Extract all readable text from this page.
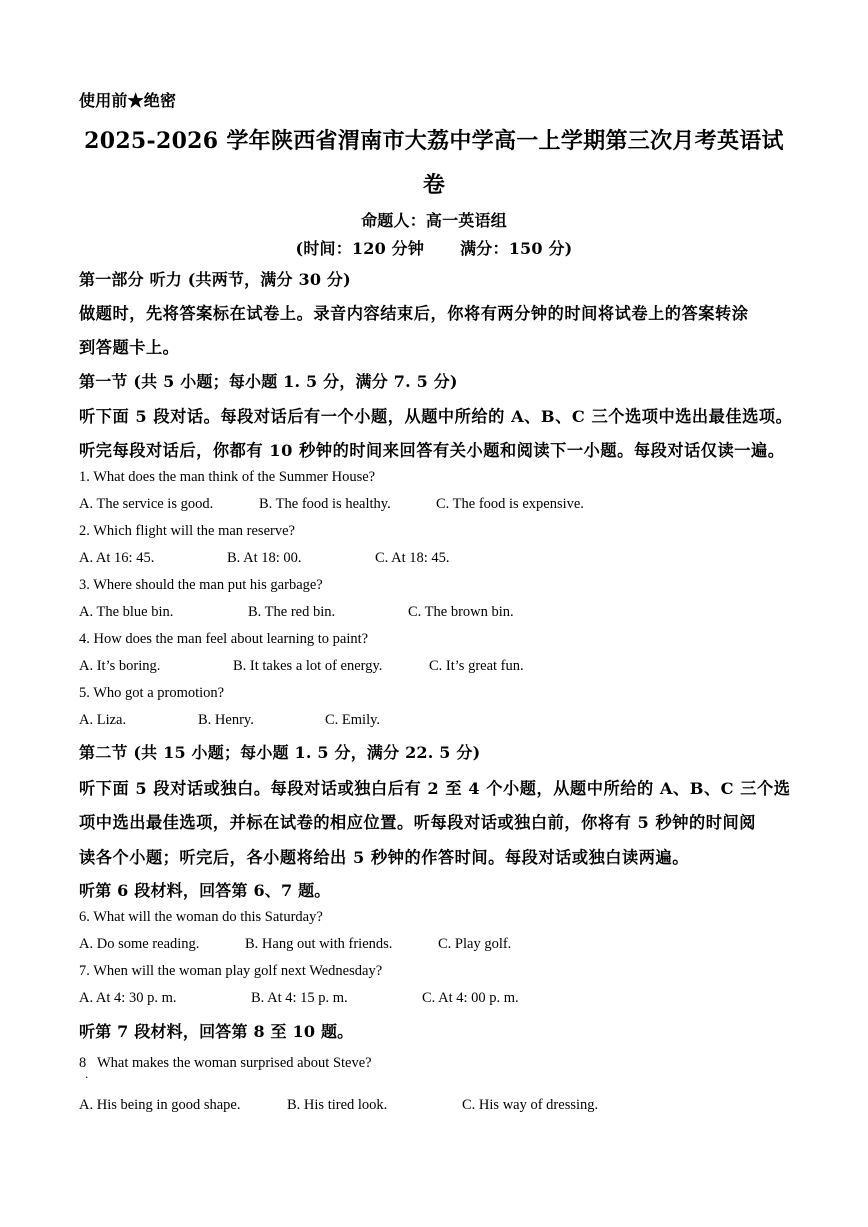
使用前★绝密
2025-2026 学年陕西省渭南市大荔中学高一上学期第三次月考英语试
卷
命题人：高一英语组
(时间：120 分钟 满分：150 分)
第一部分 听力 (共两节，满分 30 分)
做题时，先将答案标在试卷上。录音内容结束后，你将有两分钟的时间将试卷上的答案转涂
到答题卡上。
第一节 (共 5 小题；每小题 1. 5 分，满分 7. 5 分)
听下面 5 段对话。每段对话后有一个小题，从题中所给的 A、B、C 三个选项中选出最佳选项。
听完每段对话后，你都有 10 秒钟的时间来回答有关小题和阅读下一小题。每段对话仅读一遍。
1. What does the man think of the Summer House?
A. The service is good.	B. The food is healthy.	C. The food is expensive.
2. Which flight will the man reserve?
A. At 16: 45.	B. At 18: 00.	C. At 18: 45.
3. Where should the man put his garbage?
A. The blue bin.	B. The red bin.	C. The brown bin.
4. How does the man feel about learning to paint?
A. It’s boring.	B. It takes a lot of energy.	C. It’s great fun.
5. Who got a promotion?
A. Liza.	B. Henry.	C. Emily.
第二节 (共 15 小题；每小题 1. 5 分，满分 22. 5 分)
听下面 5 段对话或独白。每段对话或独白后有 2 至 4 个小题，从题中所给的 A、B、C 三个选
项中选出最佳选项，并标在试卷的相应位置。听每段对话或独白前，你将有 5 秒钟的时间阅
读各个小题；听完后，各小题将给出 5 秒钟的作答时间。每段对话或独白读两遍。
听第 6 段材料，回答第 6、7 题。
6. What will the woman do this Saturday?
A. Do some reading.	B. Hang out with friends.	C. Play golf.
7. When will the woman play golf next Wednesday?
A. At 4: 30 p. m.	B. At 4: 15 p. m.	C. At 4: 00 p. m.
听第 7 段材料，回答第 8 至 10 题。
8 What makes the woman surprised about Steve?
.
A. His being in good shape.	B. His tired look.	C. His way of dressing.
